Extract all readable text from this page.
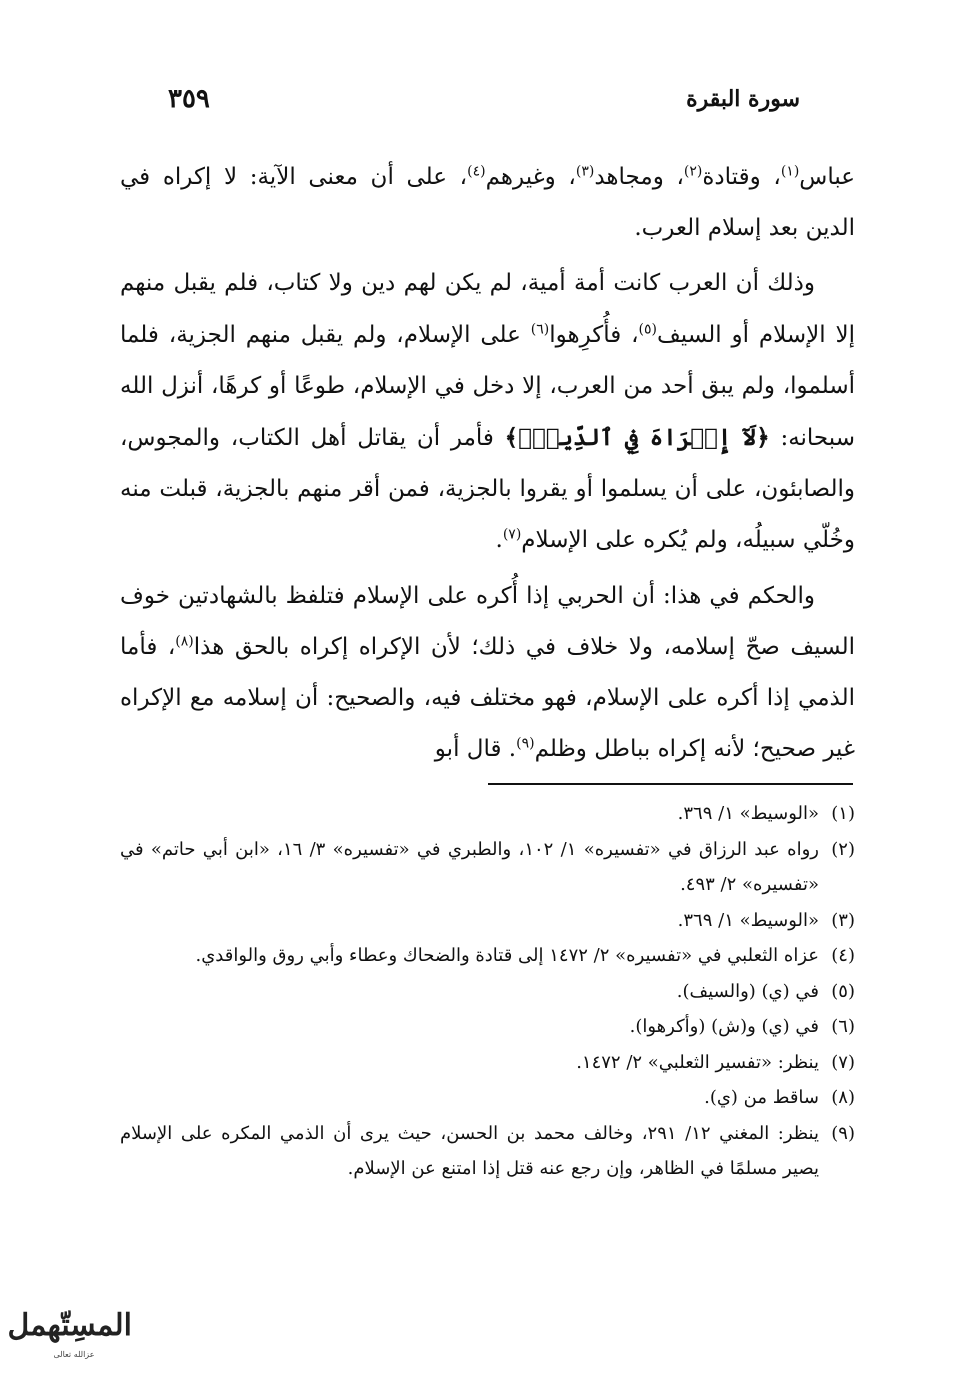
سورة البقرة
٣٥٩

عباس$^{(١)}$، وقتادة$^{(٢)}$، ومجاهد$^{(٣)}$، وغيرهم$^{(٤)}$، على أن معنى الآية: لا إكراه في الدين بعد إسلام العرب.

وذلك أن العرب كانت أمة أمية، لم يكن لهم دين ولا كتاب، فلم يقبل منهم إلا الإسلام أو السيف$^{(٥)}$، فأُكرِهوا$^{(٦)}$ على الإسلام، ولم يقبل منهم الجزية، فلما أسلموا، ولم يبق أحد من العرب، إلا دخل في الإسلام، طوعًا أو كرهًا، أنزل الله سبحانه: ﴿لَآ إِكۡرَاهَ فِي ٱلدِّينِۖ﴾ فأمر أن يقاتل أهل الكتاب، والمجوس، والصابئون، على أن يسلموا أو يقروا بالجزية، فمن أقر منهم بالجزية، قبلت منه وخُلّي سبيلُه، ولم يُكره على الإسلام$^{(٧)}$.

والحكم في هذا: أن الحربي إذا أُكره على الإسلام فتلفظ بالشهادتين خوف السيف صحّ إسلامه، ولا خلاف في ذلك؛ لأن الإكراه إكراه بالحق هذا$^{(٨)}$، فأما الذمي إذا أكره على الإسلام، فهو مختلف فيه، والصحيح: أن إسلامه مع الإكراه غير صحيح؛ لأنه إكراه بباطل وظلم$^{(٩)}$. قال أبو

(١)
«الوسيط» ١/ ٣٦٩.
(٢)
رواه عبد الرزاق في «تفسيره» ١/ ١٠٢، والطبري في «تفسيره» ٣/ ١٦، «ابن أبي حاتم» في «تفسيره» ٢/ ٤٩٣.
(٣)
«الوسيط» ١/ ٣٦٩.
(٤)
عزاه الثعلبي في «تفسيره» ٢/ ١٤٧٢ إلى قتادة والضحاك وعطاء وأبي روق والواقدي.
(٥)
في (ي) (والسيف).
(٦)
في (ي) و(ش) (وأكرهوا).
(٧)
ينظر: «تفسير الثعلبي» ٢/ ١٤٧٢.
(٨)
ساقط من (ي).
(٩)
ينظر: المغني ١٢/ ٢٩١، وخالف محمد بن الحسن، حيث يرى أن الذمي المكره على الإسلام يصير مسلمًا في الظاهر، وإن رجع عنه قتل إذا امتنع عن الإسلام.
المسِتّهمل
عزالله تعالى
